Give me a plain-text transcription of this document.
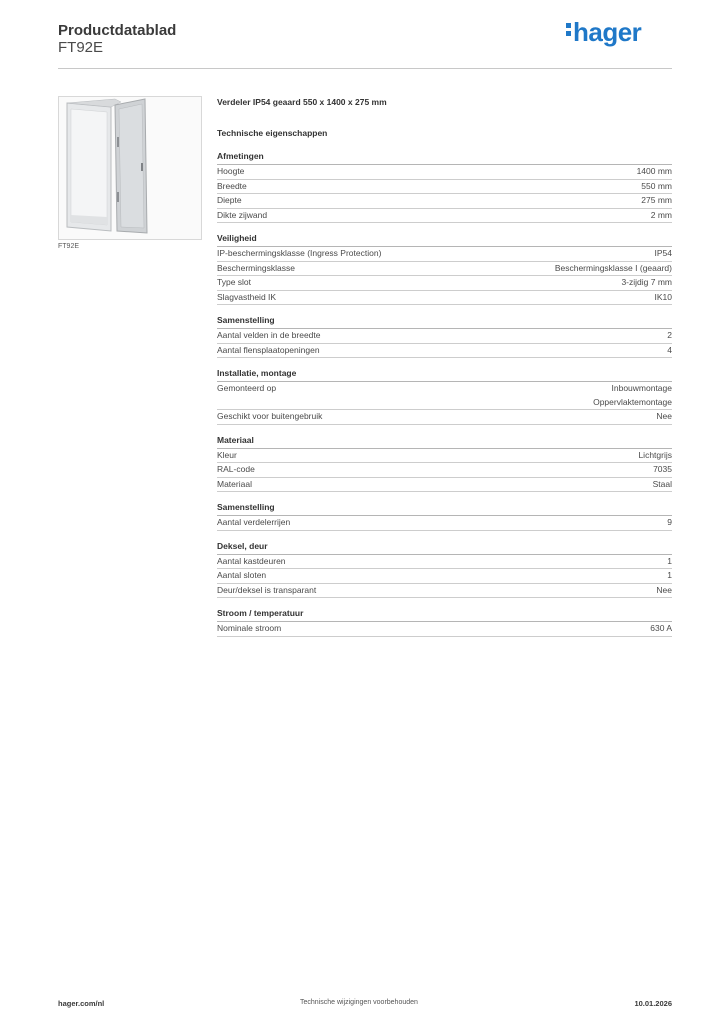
Productdatablad
FT92E
hager
FT92E
Verdeler IP54 geaard 550 x 1400 x 275 mm
Technische eigenschappen
Afmetingen
Hoogte	1400 mm
Breedte	550 mm
Diepte	275 mm
Dikte zijwand	2 mm
Veiligheid
IP-beschermingsklasse (Ingress Protection)	IP54
Beschermingsklasse	Beschermingsklasse I (geaard)
Type slot	3-zijdig 7 mm
Slagvastheid IK	IK10
Samenstelling
Aantal velden in de breedte	2
Aantal flensplaatopeningen	4
Installatie, montage
Gemonteerd op	Inbouwmontage
Oppervlaktemontage
Geschikt voor buitengebruik	Nee
Materiaal
Kleur	Lichtgrijs
RAL-code	7035
Materiaal	Staal
Samenstelling
Aantal verdelerrijen	9
Deksel, deur
Aantal kastdeuren	1
Aantal sloten	1
Deur/deksel is transparant	Nee
Stroom / temperatuur
Nominale stroom	630 A
hager.com/nl	Technische wijzigingen voorbehouden	10.01.2026
